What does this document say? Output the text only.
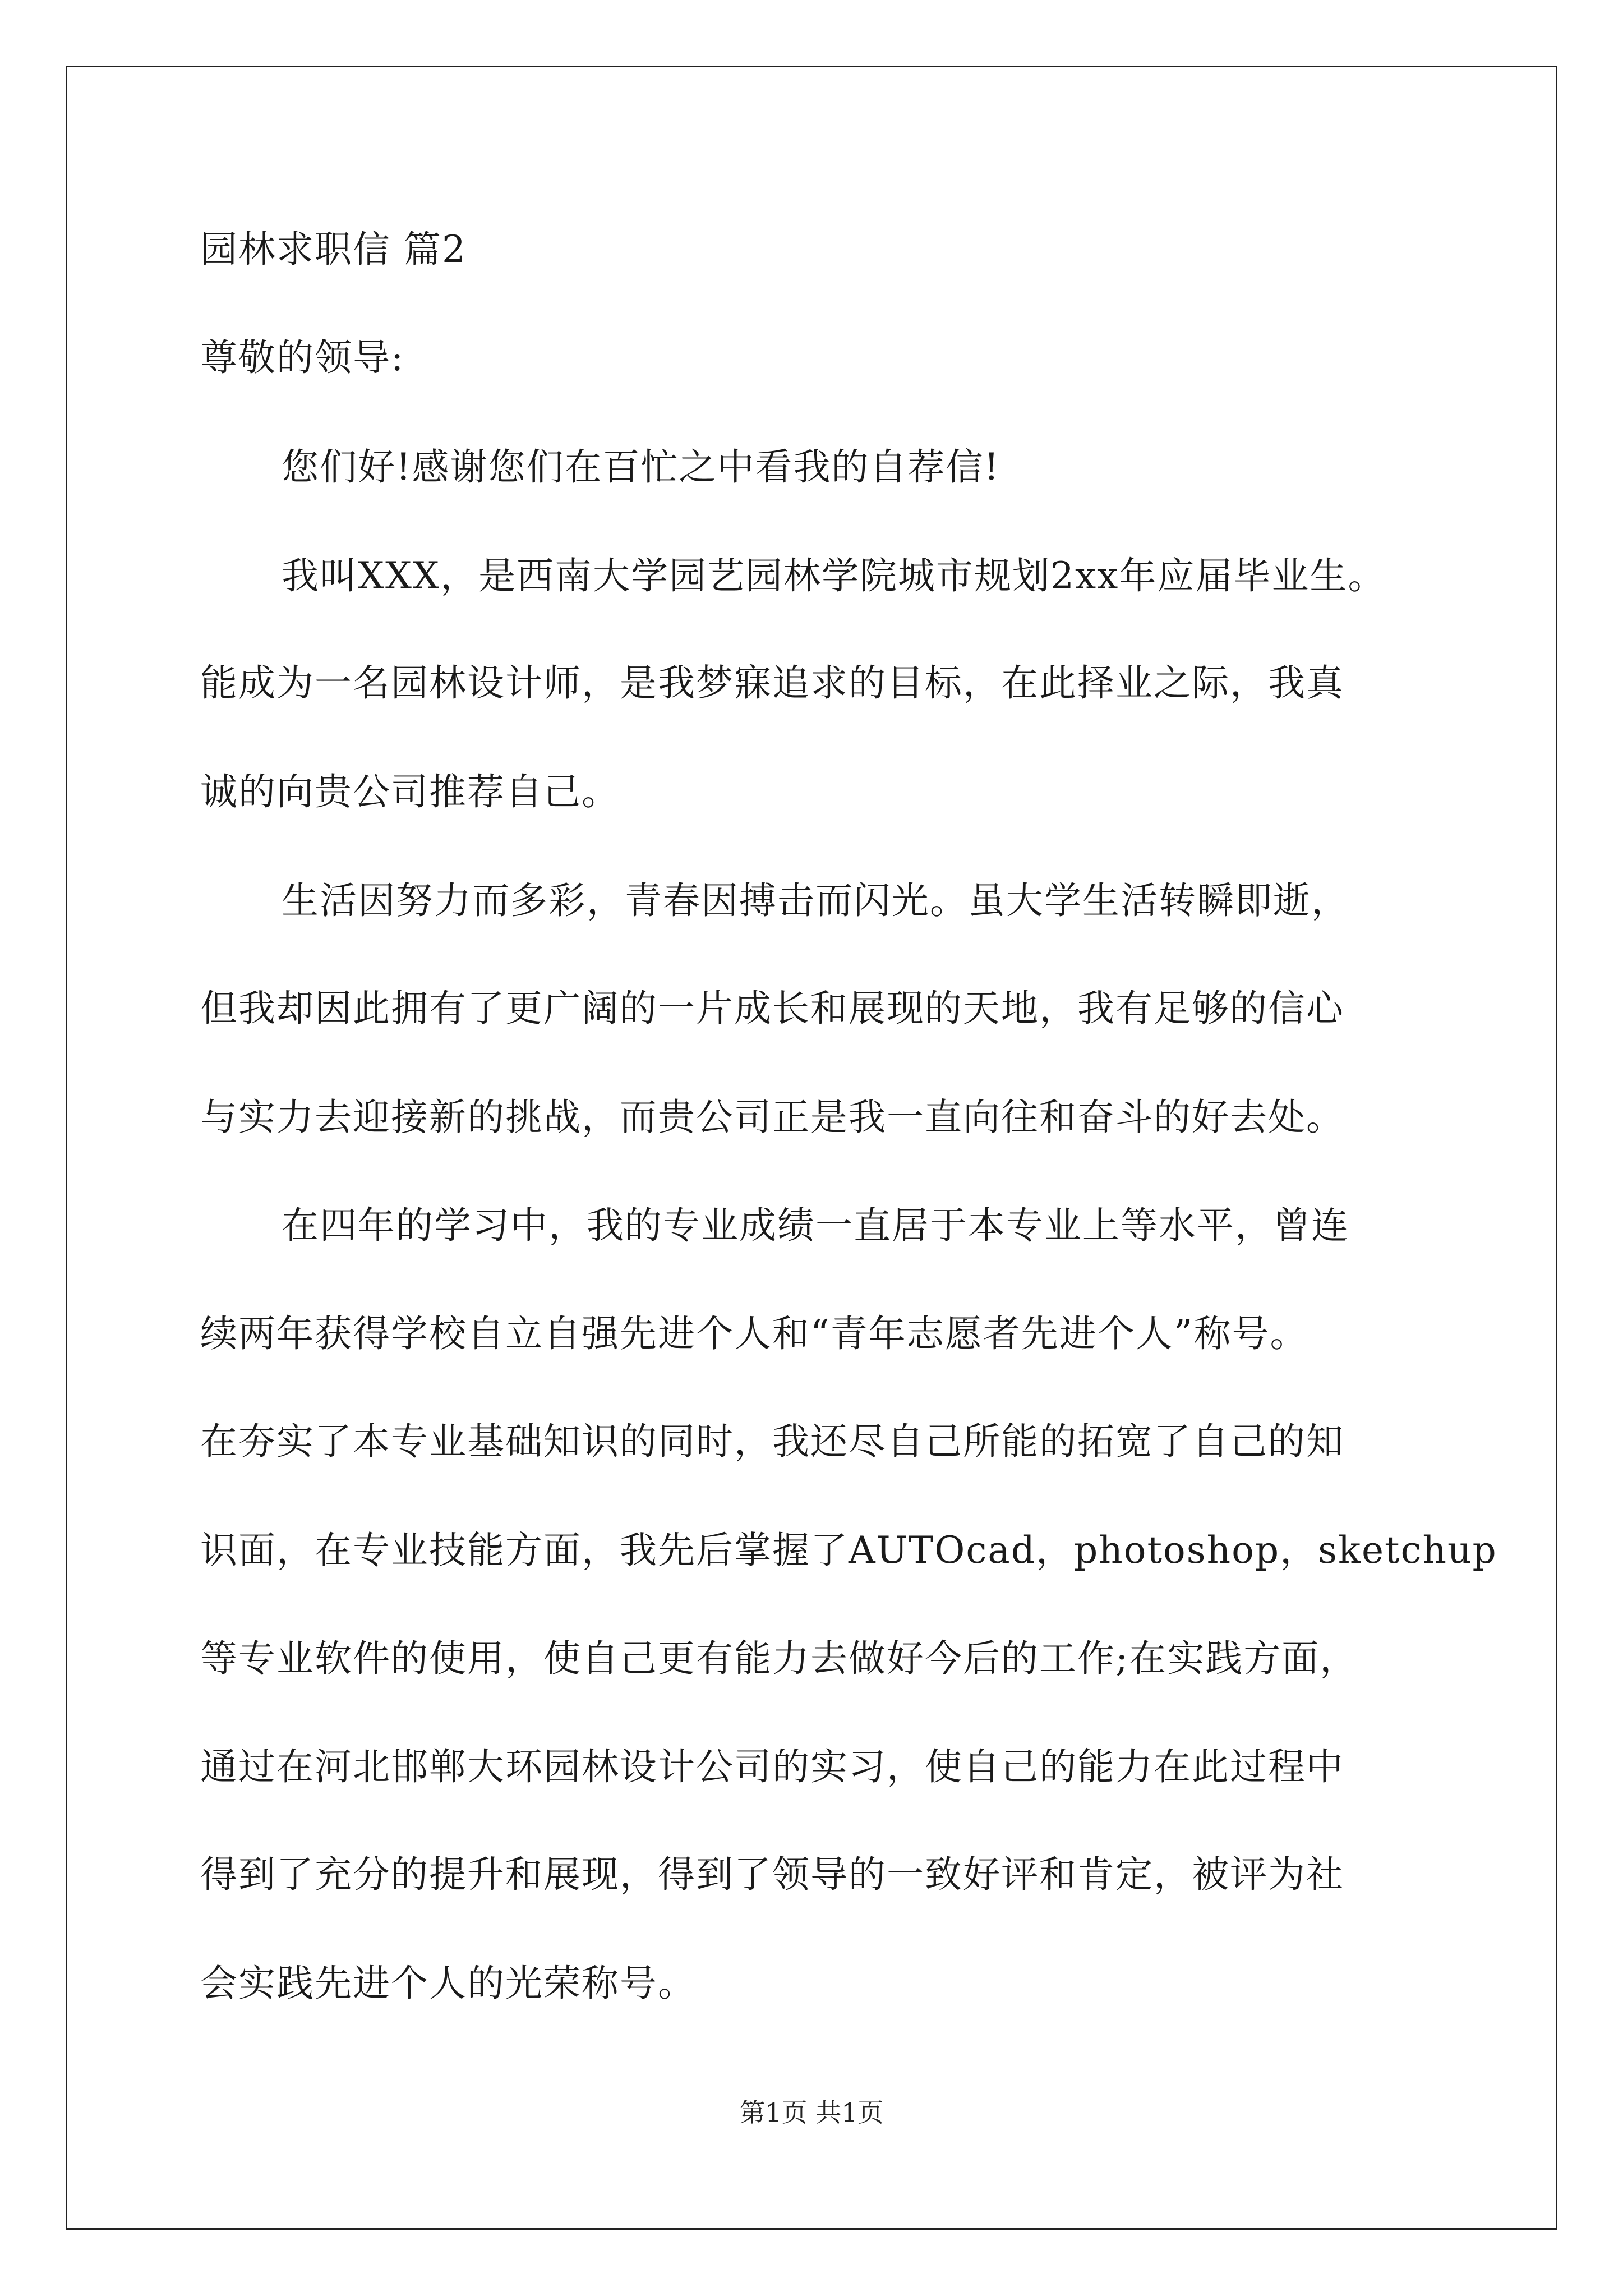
园林求职信 篇2
尊敬的领导:
您们好!感谢您们在百忙之中看我的自荐信!
我叫XXX，是西南大学园艺园林学院城市规划2xx年应届毕业生。
能成为一名园林设计师，是我梦寐追求的目标，在此择业之际，我真
诚的向贵公司推荐自己。
生活因努力而多彩，青春因搏击而闪光。虽大学生活转瞬即逝，
但我却因此拥有了更广阔的一片成长和展现的天地，我有足够的信心
与实力去迎接新的挑战，而贵公司正是我一直向往和奋斗的好去处。
在四年的学习中，我的专业成绩一直居于本专业上等水平，曾连
续两年获得学校自立自强先进个人和“青年志愿者先进个人”称号。
在夯实了本专业基础知识的同时，我还尽自己所能的拓宽了自己的知
识面，在专业技能方面，我先后掌握了AUTOcad，photoshop，sketchup
等专业软件的使用，使自己更有能力去做好今后的工作;在实践方面，
通过在河北邯郸大环园林设计公司的实习，使自己的能力在此过程中
得到了充分的提升和展现，得到了领导的一致好评和肯定，被评为社
会实践先进个人的光荣称号。
第1页 共1页
